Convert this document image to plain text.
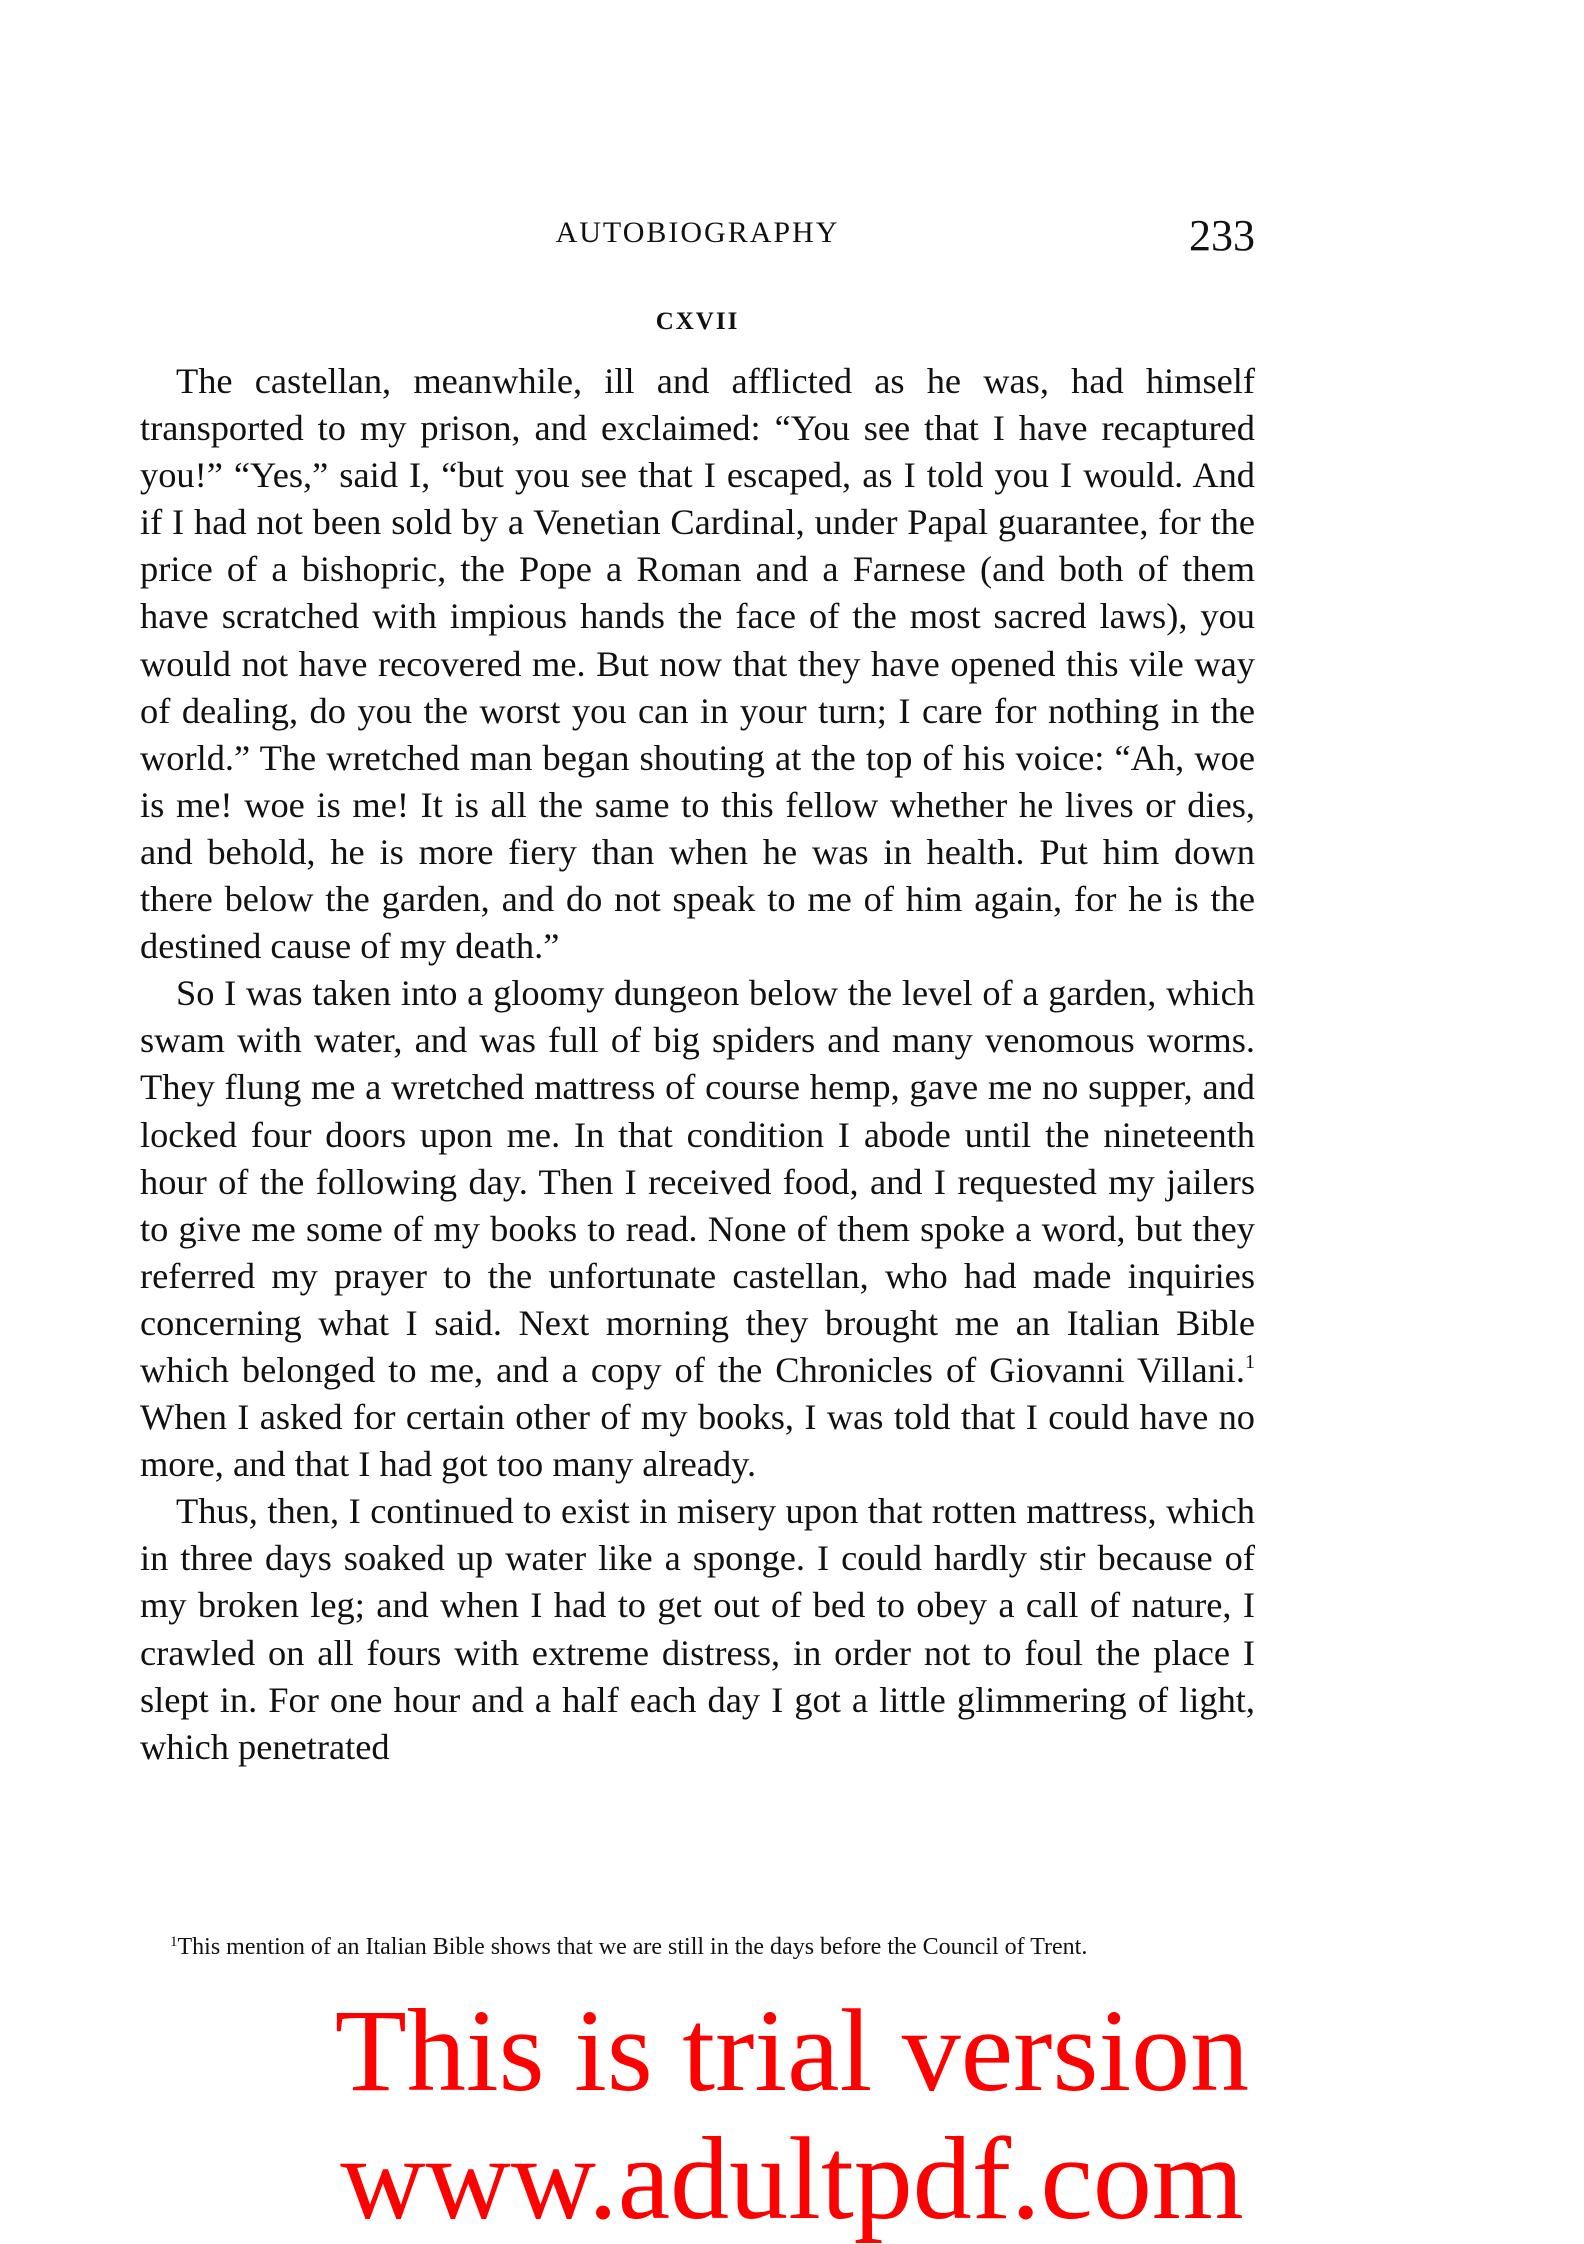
AUTOBIOGRAPHY	233
CXVII

The castellan, meanwhile, ill and afflicted as he was, had himself transported to my prison, and exclaimed: “You see that I have recaptured you!” “Yes,” said I, “but you see that I escaped, as I told you I would. And if I had not been sold by a Venetian Cardinal, under Papal guarantee, for the price of a bishopric, the Pope a Roman and a Farnese (and both of them have scratched with impious hands the face of the most sacred laws), you would not have recovered me. But now that they have opened this vile way of dealing, do you the worst you can in your turn; I care for nothing in the world.” The wretched man began shouting at the top of his voice: “Ah, woe is me! woe is me! It is all the same to this fellow whether he lives or dies, and behold, he is more fiery than when he was in health. Put him down there below the garden, and do not speak to me of him again, for he is the destined cause of my death.”

So I was taken into a gloomy dungeon below the level of a garden, which swam with water, and was full of big spiders and many venomous worms. They flung me a wretched mattress of course hemp, gave me no supper, and locked four doors upon me. In that condition I abode until the nineteenth hour of the following day. Then I received food, and I requested my jailers to give me some of my books to read. None of them spoke a word, but they referred my prayer to the unfortunate castellan, who had made inquiries concerning what I said. Next morning they brought me an Italian Bible which belonged to me, and a copy of the Chronicles of Giovanni Villani.$^1$ When I asked for certain other of my books, I was told that I could have no more, and that I had got too many already.

Thus, then, I continued to exist in misery upon that rotten mattress, which in three days soaked up water like a sponge. I could hardly stir because of my broken leg; and when I had to get out of bed to obey a call of nature, I crawled on all fours with extreme distress, in order not to foul the place I slept in. For one hour and a half each day I got a little glimmering of light, which penetrated

$^1$This mention of an Italian Bible shows that we are still in the days before the Council of Trent.

This is trial version
www.adultpdf.com
